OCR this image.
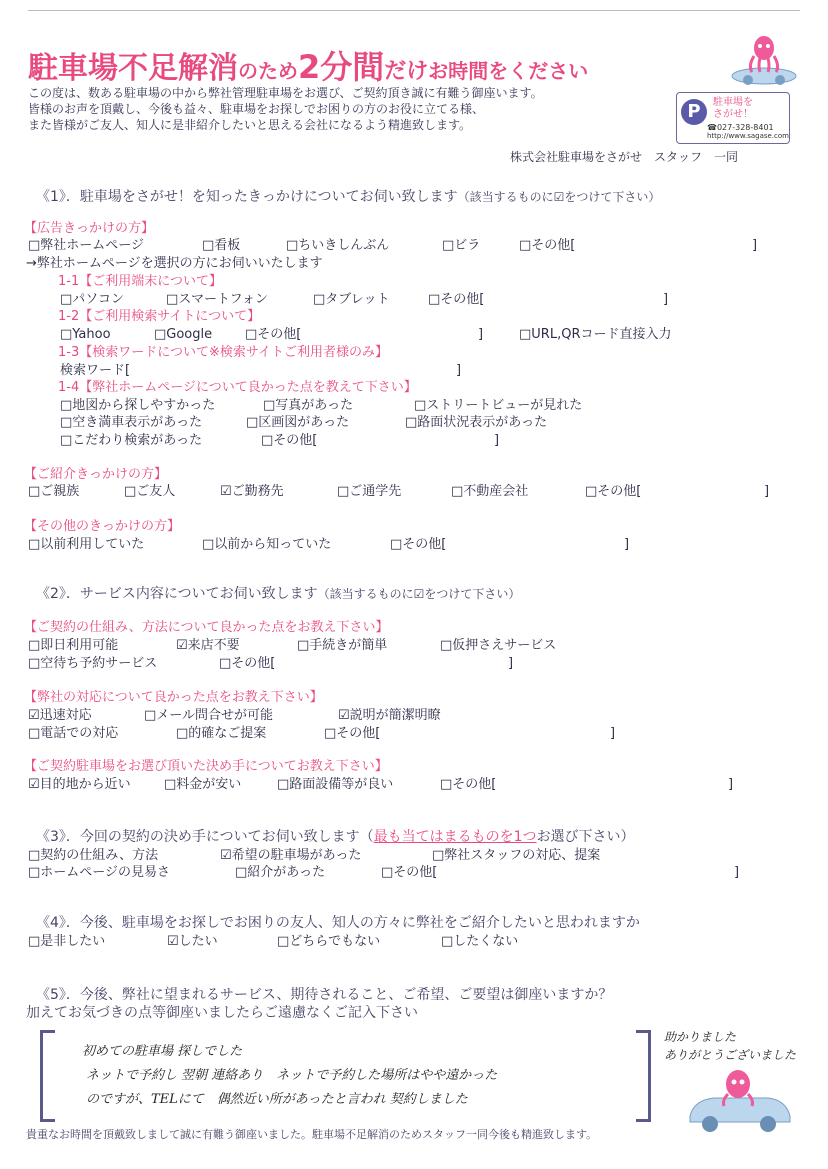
駐車場不足解消のため2分間だけお時間をください
この度は、数ある駐車場の中から弊社管理駐車場をお選び、ご契約頂き誠に有難う御座います。
皆様のお声を頂戴し、今後も益々、駐車場をお探しでお困りの方のお役に立てる様、
また皆様がご友人、知人に是非紹介したいと思える会社になるよう精進致します。
P	駐車場を
さがせ！
☎027-328-8401
http://www.sagase.com
株式会社駐車場をさがせ　スタッフ　一同
《1》．駐車場をさがせ！を知ったきっかけについてお伺い致します（該当するものに☑をつけて下さい）
【広告きっかけの方】
□弊社ホームページ	□看板	□ちいきしんぶん	□ビラ	□その他[	]
→弊社ホームページを選択の方にお伺いいたします
1-1【ご利用端末について】
□パソコン	□スマートフォン	□タブレット	□その他[	]
1-2【ご利用検索サイトについて】
□Yahoo	□Google	□その他[	]	□URL,QRコード直接入力
1-3【検索ワードについて※検索サイトご利用者様のみ】
検索ワード[	]
1-4【弊社ホームページについて良かった点を教えて下さい】
□地図から探しやすかった	□写真があった	□ストリートビューが見れた
□空き満車表示があった	□区画図があった	□路面状況表示があった
□こだわり検索があった	□その他[	]
【ご紹介きっかけの方】
□ご親族	□ご友人	☑ご勤務先	□ご通学先	□不動産会社	□その他[	]
【その他のきっかけの方】
□以前利用していた	□以前から知っていた	□その他[	]
《2》．サービス内容についてお伺い致します（該当するものに☑をつけて下さい）
【ご契約の仕組み、方法について良かった点をお教え下さい】
□即日利用可能	☑来店不要	□手続きが簡単	□仮押さえサービス
□空待ち予約サービス	□その他[	]
【弊社の対応について良かった点をお教え下さい】
☑迅速対応	□メール問合せが可能	☑説明が簡潔明瞭
□電話での対応	□的確なご提案	□その他[	]
【ご契約駐車場をお選び頂いた決め手についてお教え下さい】
☑目的地から近い	□料金が安い	□路面設備等が良い	□その他[	]
《3》．今回の契約の決め手についてお伺い致します（最も当てはまるものを1つお選び下さい）
□契約の仕組み、方法	☑希望の駐車場があった	□弊社スタッフの対応、提案
□ホームページの見易さ	□紹介があった	□その他[	]
《4》．今後、駐車場をお探しでお困りの友人、知人の方々に弊社をご紹介したいと思われますか
□是非したい	☑したい	□どちらでもない	□したくない
《5》．今後、弊社に望まれるサービス、期待されること、ご希望、ご要望は御座いますか？
加えてお気づきの点等御座いましたらご遠慮なくご記入下さい
初めての駐車場 探しでした
ネットで予約し 翌朝 連絡あり　ネットで予約した場所はやや遠かった
のですが、TELにて　偶然近い所があったと言われ 契約しました
助かりました
ありがとうございました
貴重なお時間を頂戴致しまして誠に有難う御座いました。駐車場不足解消のためスタッフ一同今後も精進致します。
